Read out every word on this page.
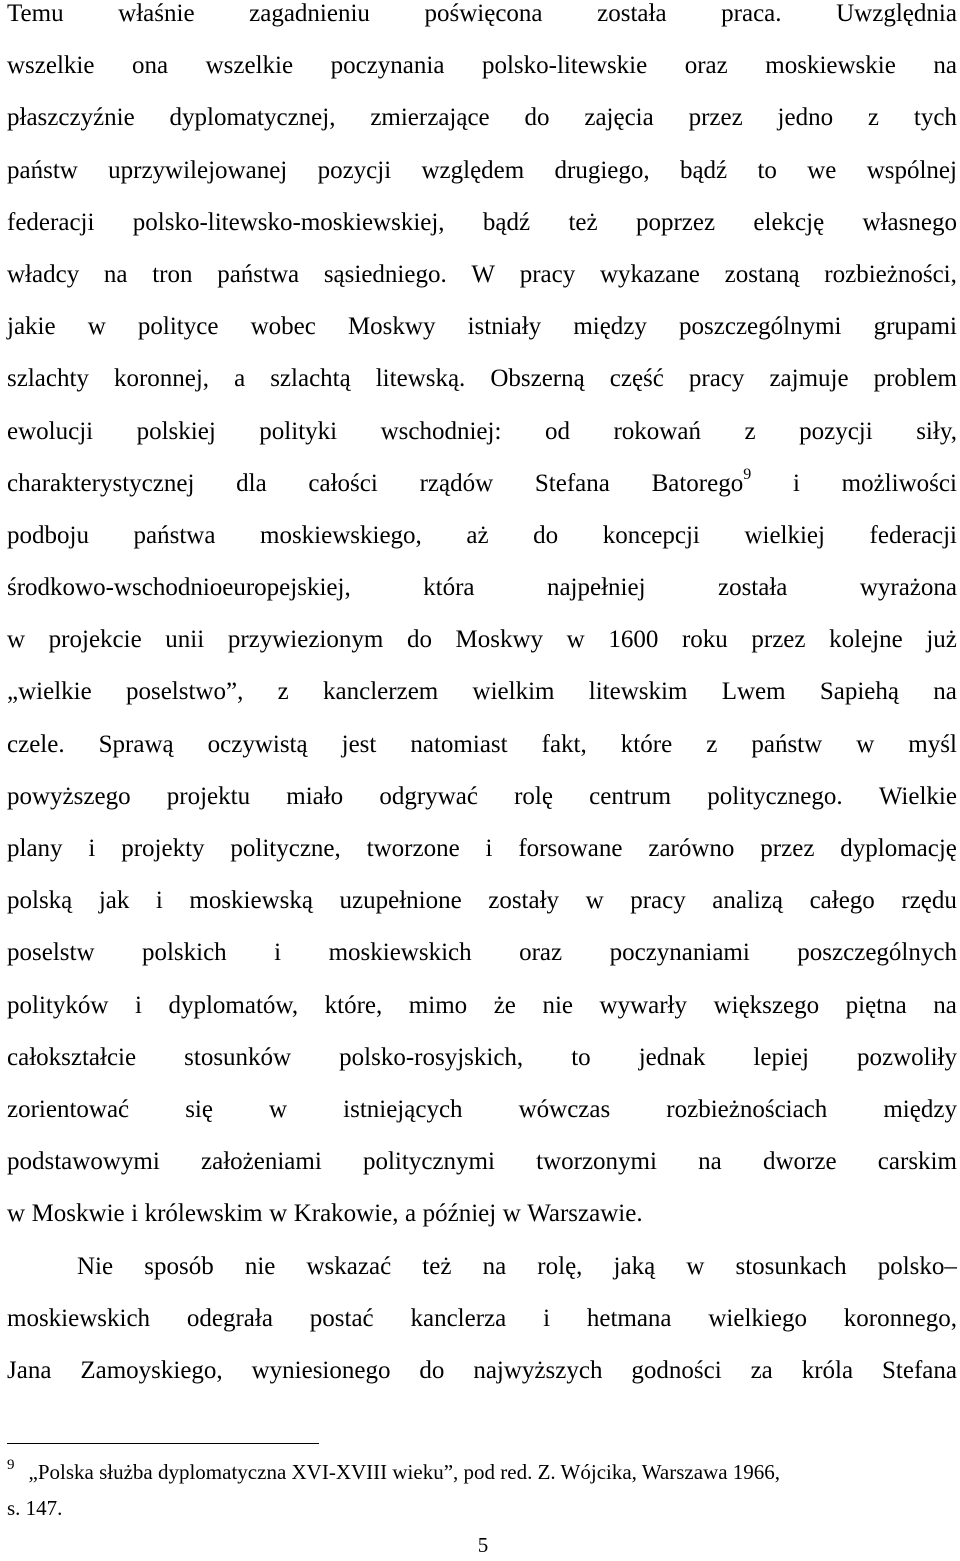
Temu właśnie zagadnieniu poświęcona została praca. Uwzględnia
wszelkie ona wszelkie poczynania polsko-litewskie oraz moskiewskie na
płaszczyźnie dyplomatycznej, zmierzające do zajęcia przez jedno z tych
państw uprzywilejowanej pozycji względem drugiego, bądź to we wspólnej
federacji polsko-litewsko-moskiewskiej, bądź też poprzez elekcję własnego
władcy na tron państwa sąsiedniego. W pracy wykazane zostaną rozbieżności,
jakie w polityce wobec Moskwy istniały między poszczególnymi grupami
szlachty koronnej, a szlachtą litewską. Obszerną część pracy zajmuje problem
ewolucji polskiej polityki wschodniej: od rokowań z pozycji siły,
charakterystycznej dla całości rządów Stefana Batorego$^9$ i możliwości
podboju państwa moskiewskiego, aż do koncepcji wielkiej federacji
środkowo-wschodnioeuropejskiej,	która	najpełniej	została	wyrażona
w projekcie unii przywiezionym do Moskwy w 1600 roku przez kolejne już
„wielkie poselstwo”, z kanclerzem wielkim litewskim Lwem Sapiehą na
czele. Sprawą oczywistą jest natomiast fakt, które z państw w myśl
powyższego projektu miało odgrywać rolę centrum politycznego. Wielkie
plany i projekty polityczne, tworzone i forsowane zarówno przez dyplomację
polską jak i moskiewską uzupełnione zostały w pracy analizą całego rzędu
poselstw polskich i moskiewskich oraz poczynaniami poszczególnych
polityków i dyplomatów, które, mimo że nie wywarły większego piętna na
całokształcie stosunków polsko-rosyjskich, to jednak lepiej pozwoliły
zorientować się w istniejących wówczas rozbieżnościach między
podstawowymi założeniami politycznymi tworzonymi na dworze carskim
w Moskwie i królewskim w Krakowie, a później w Warszawie.
Nie sposób nie wskazać też na rolę, jaką w stosunkach polsko–
moskiewskich odegrała postać kanclerza i hetmana wielkiego koronnego,
Jana Zamoyskiego, wyniesionego do najwyższych godności za króla Stefana
$^9$ „Polska służba dyplomatyczna XVI-XVIII wieku”, pod red. Z. Wójcika, Warszawa 1966,
s. 147.
5
